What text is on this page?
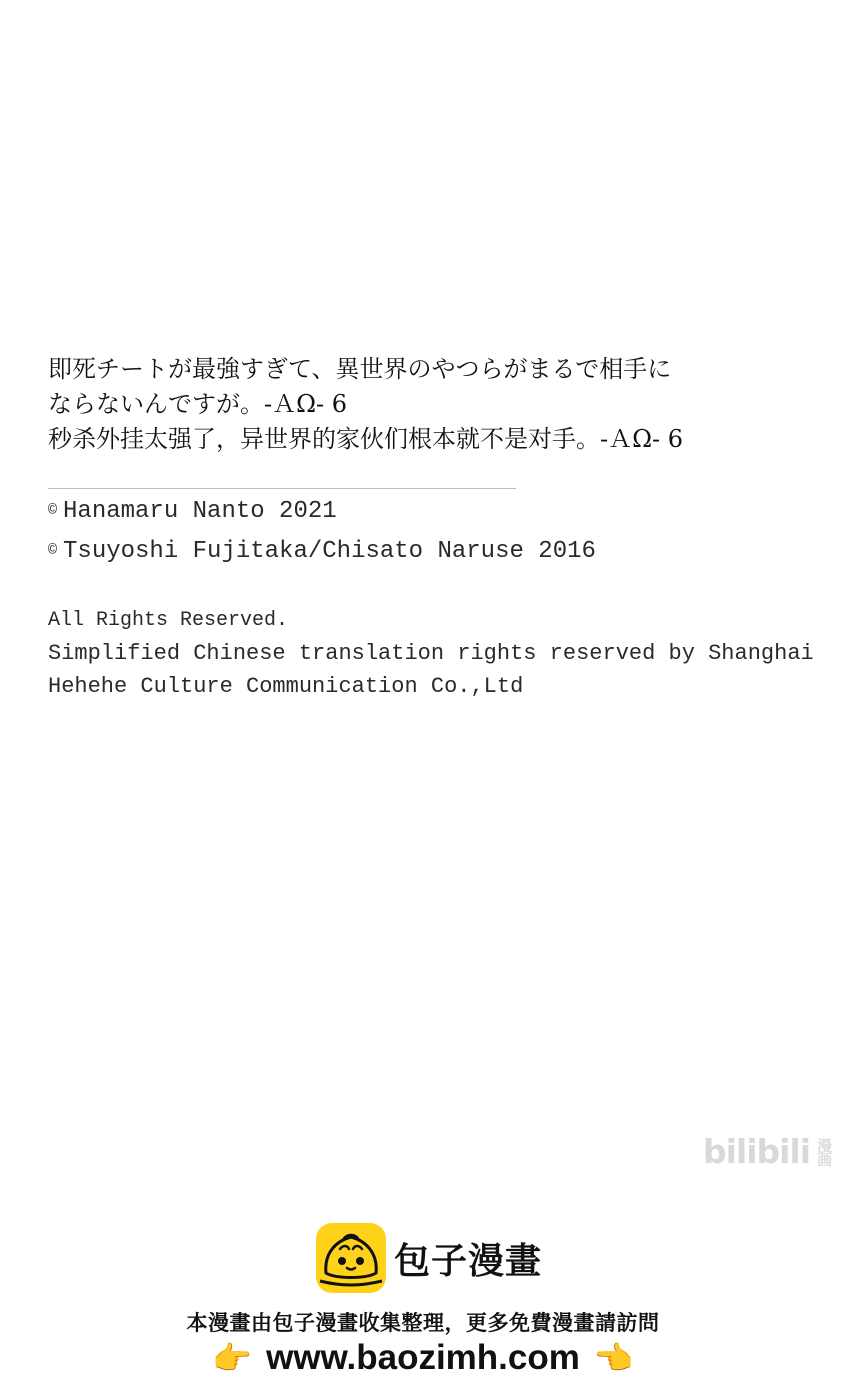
即死チートが最強すぎて、異世界のやつらがまるで相手に
ならないんですが。-ＡΩ- 6
秒杀外挂太强了，异世界的家伙们根本就不是对手。-ＡΩ- 6
© Hanamaru Nanto 2021
© Tsuyoshi Fujitaka/Chisato Naruse 2016
All Rights Reserved.
Simplified Chinese translation rights reserved by Shanghai
Hehehe Culture Communication Co.,Ltd
bilibili 漫画
包子漫畫
本漫畫由包子漫畫收集整理，更多免費漫畫請訪問
👉 www.baozimh.com 👈
